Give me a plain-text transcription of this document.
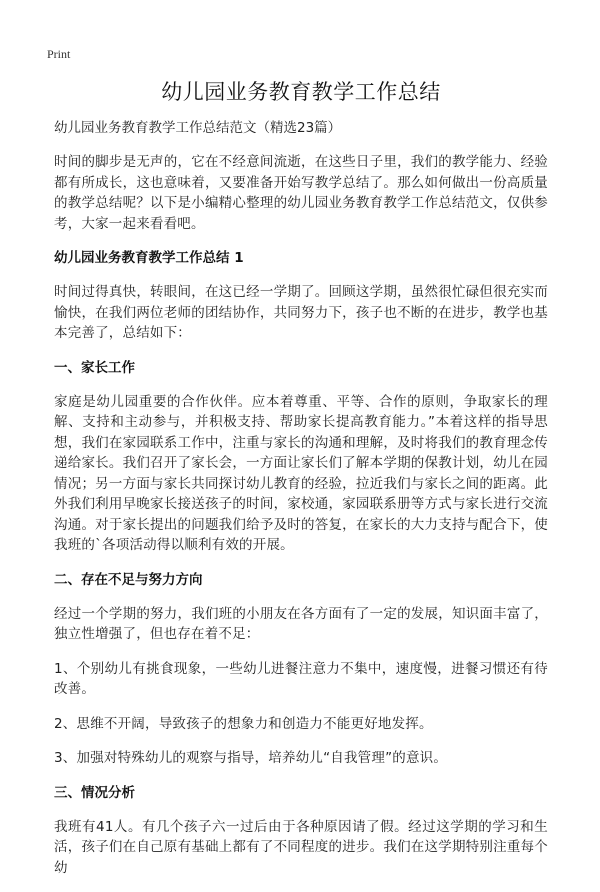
Print
幼儿园业务教育教学工作总结
幼儿园业务教育教学工作总结范文（精选23篇）

时间的脚步是无声的，它在不经意间流逝，在这些日子里，我们的教学能力、经验都有所成长，这也意味着，又要准备开始写教学总结了。那么如何做出一份高质量的教学总结呢？以下是小编精心整理的幼儿园业务教育教学工作总结范文，仅供参考，大家一起来看看吧。

幼儿园业务教育教学工作总结 1

时间过得真快，转眼间，在这已经一学期了。回顾这学期，虽然很忙碌但很充实而愉快，在我们两位老师的团结协作，共同努力下，孩子也不断的在进步，教学也基本完善了，总结如下：

一、家长工作

家庭是幼儿园重要的合作伙伴。应本着尊重、平等、合作的原则，争取家长的理解、支持和主动参与，并积极支持、帮助家长提高教育能力。”本着这样的指导思想，我们在家园联系工作中，注重与家长的沟通和理解，及时将我们的教育理念传递给家长。我们召开了家长会，一方面让家长们了解本学期的保教计划，幼儿在园情况；另一方面与家长共同探讨幼儿教育的经验，拉近我们与家长之间的距离。此外我们利用早晚家长接送孩子的时间，家校通，家园联系册等方式与家长进行交流沟通。对于家长提出的问题我们给予及时的答复，在家长的大力支持与配合下，使我班的`各项活动得以顺利有效的开展。

二、存在不足与努力方向

经过一个学期的努力，我们班的小朋友在各方面有了一定的发展，知识面丰富了，独立性增强了，但也存在着不足：

1、个别幼儿有挑食现象，一些幼儿进餐注意力不集中，速度慢，进餐习惯还有待改善。

2、思维不开阔，导致孩子的想象力和创造力不能更好地发挥。

3、加强对特殊幼儿的观察与指导，培养幼儿“自我管理”的意识。

三、情况分析

我班有41人。有几个孩子六一过后由于各种原因请了假。经过这学期的学习和生活，孩子们在自己原有基础上都有了不同程度的进步。我们在这学期特别注重每个幼
